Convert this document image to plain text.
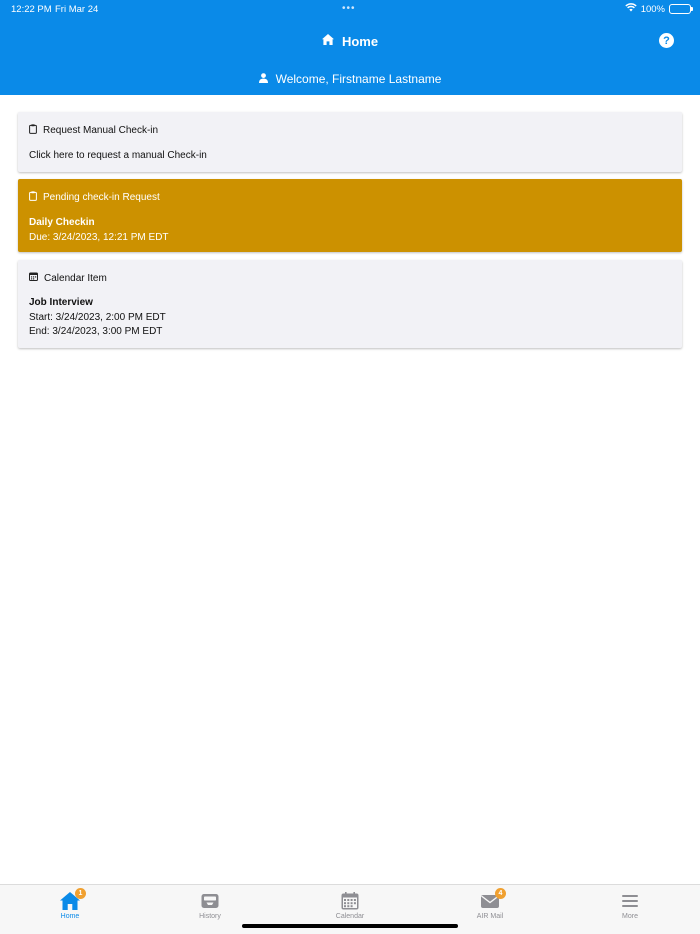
12:22 PM Fri Mar 24	•••	100%
Home	?
Welcome, Firstname Lastname
Request Manual Check-in
Click here to request a manual Check-in
Pending check-in Request
Daily Checkin
Due: 3/24/2023, 12:21 PM EDT
Calendar Item
Job Interview
Start: 3/24/2023, 2:00 PM EDT
End: 3/24/2023, 3:00 PM EDT
1
Home	History	Calendar
4
AIR Mail	More
